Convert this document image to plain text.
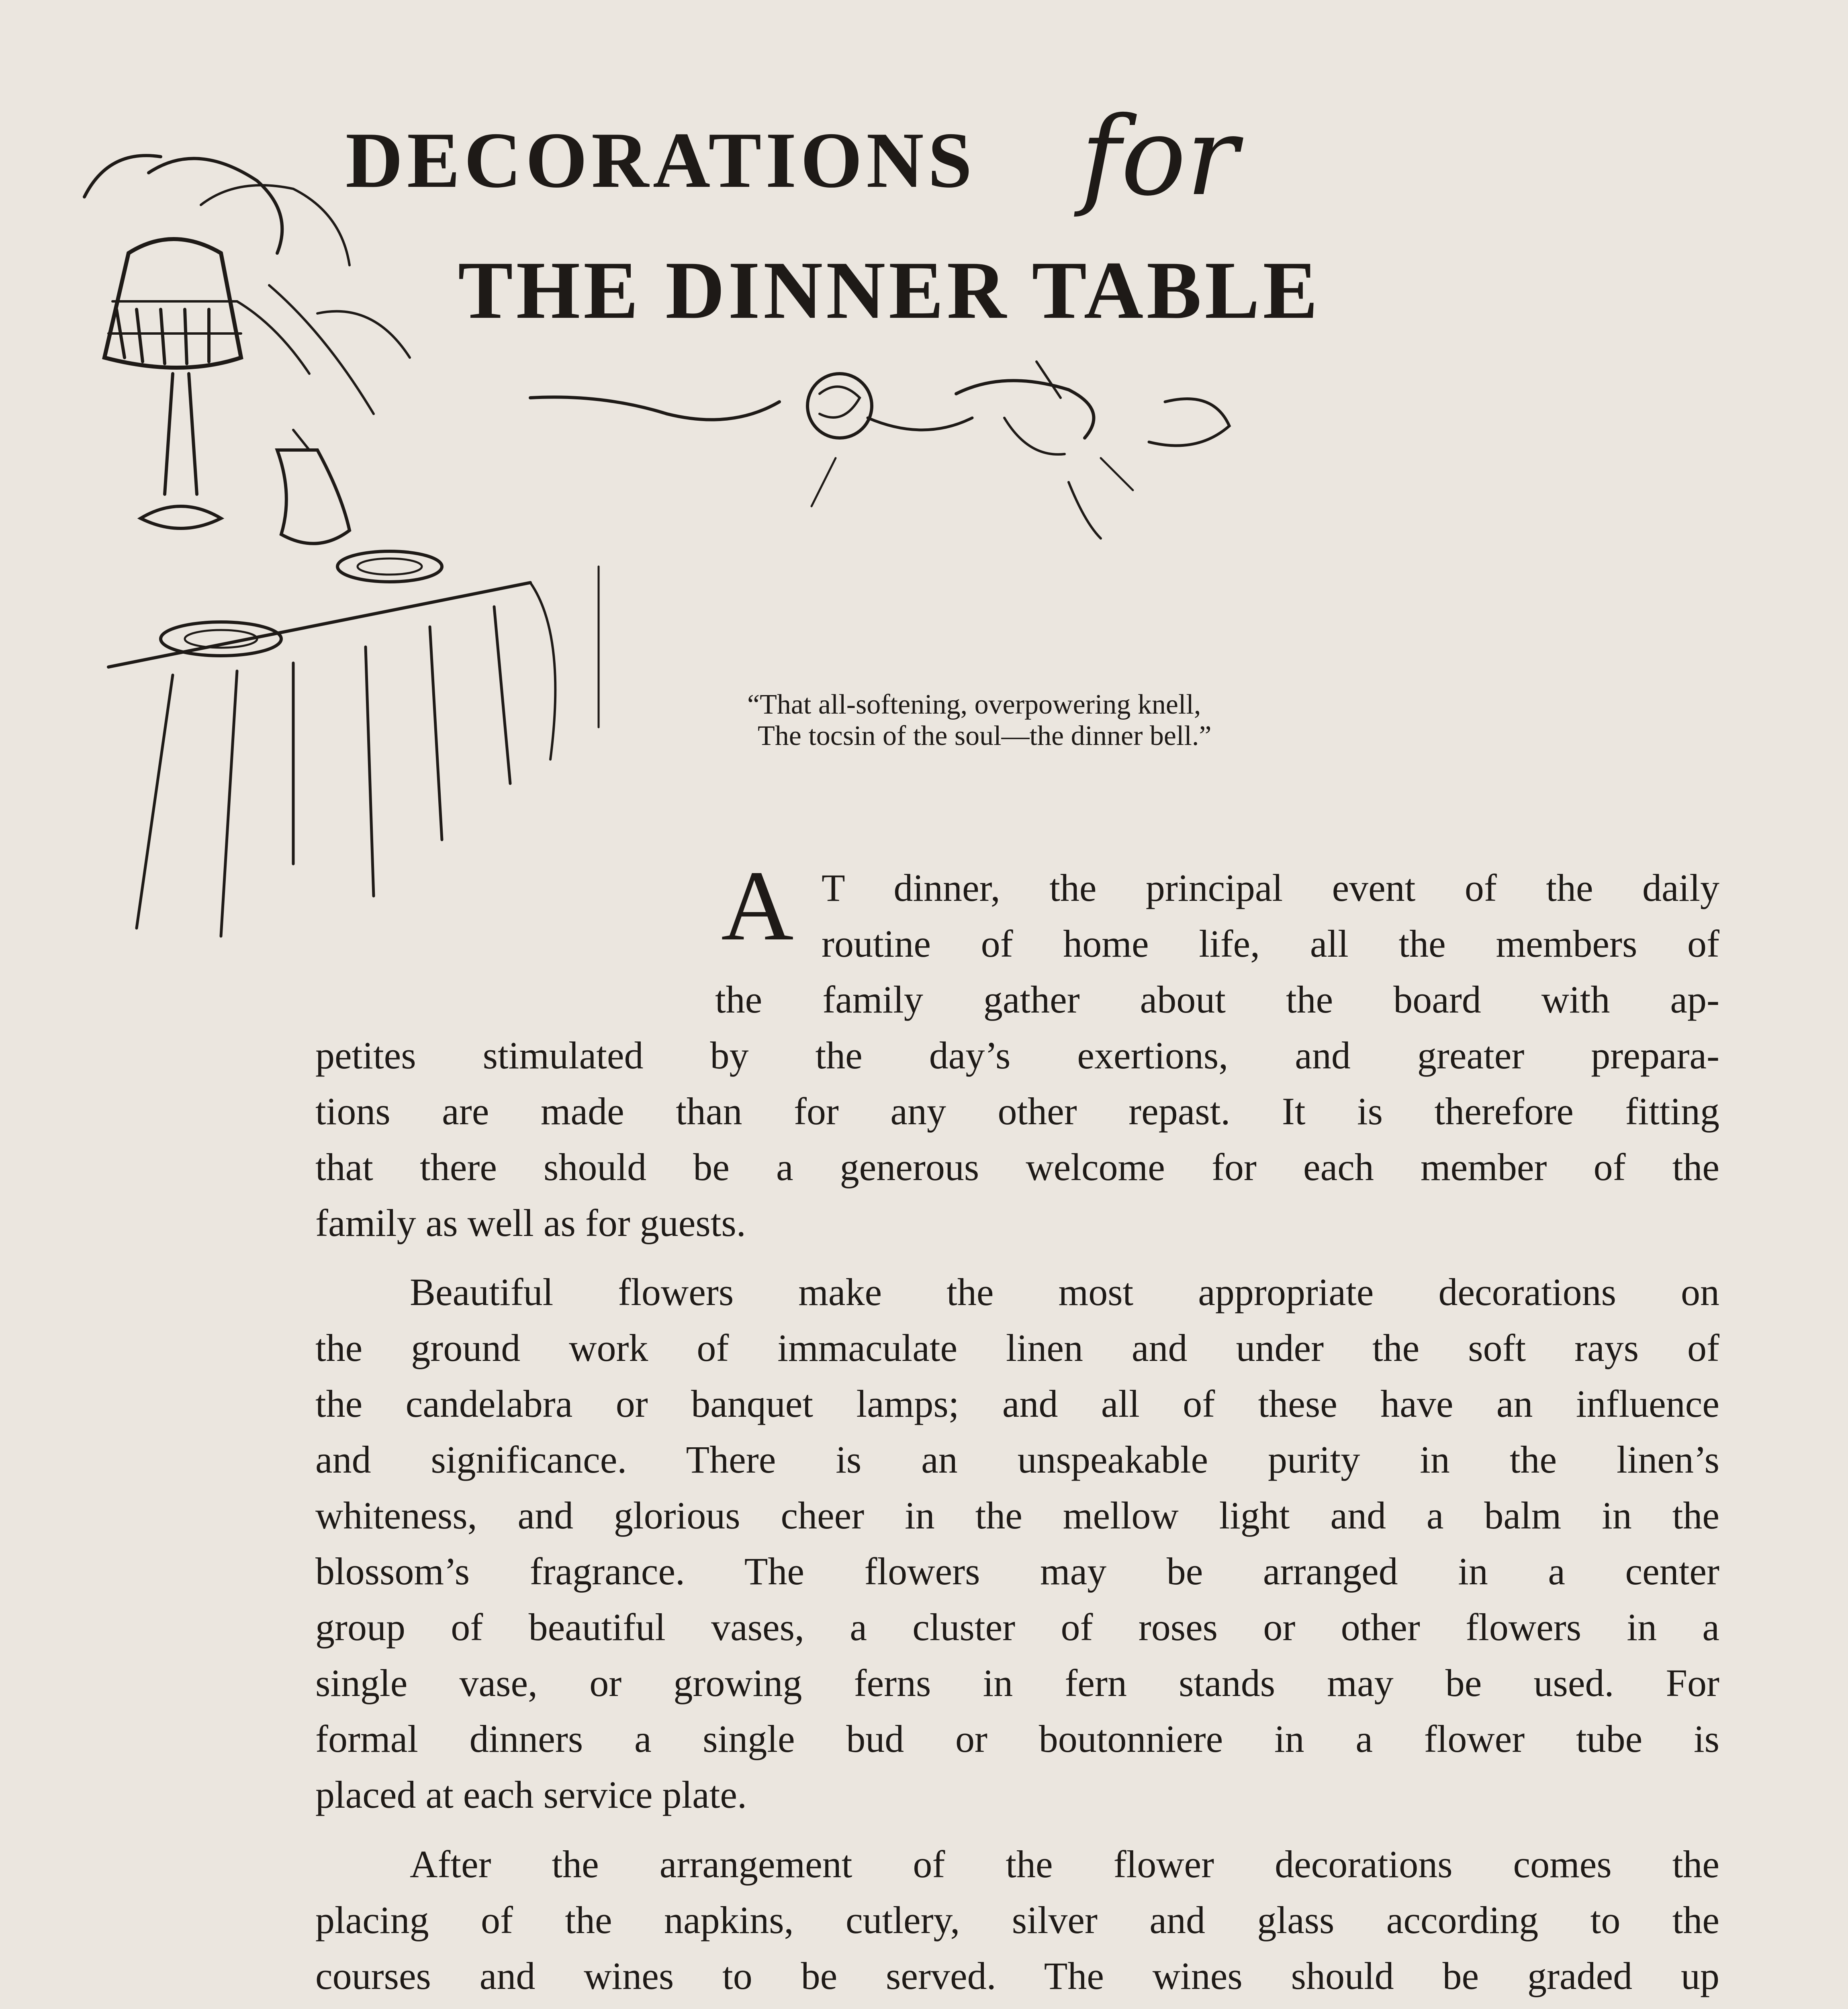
DECORATIONS for
THE DINNER TABLE
“That all-softening, overpowering knell,
The tocsin of the soul—the dinner bell.”
A T dinner, the principal event of the daily
routine of home life, all the members of
the family gather about the board with ap-
petites stimulated by the day’s exertions, and greater prepara-
tions are made than for any other repast. It is therefore fitting
that there should be a generous welcome for each member of the
family as well as for guests.
Beautiful flowers make the most appropriate decorations on
the ground work of immaculate linen and under the soft rays of
the candelabra or banquet lamps; and all of these have an influence
and significance. There is an unspeakable purity in the linen’s
whiteness, and glorious cheer in the mellow light and a balm in the
blossom’s fragrance. The flowers may be arranged in a center
group of beautiful vases, a cluster of roses or other flowers in a
single vase, or growing ferns in fern stands may be used. For
formal dinners a single bud or boutonniere in a flower tube is
placed at each service plate.
After the arrangement of the flower decorations comes the
placing of the napkins, cutlery, silver and glass according to the
courses and wines to be served. The wines should be graded up
